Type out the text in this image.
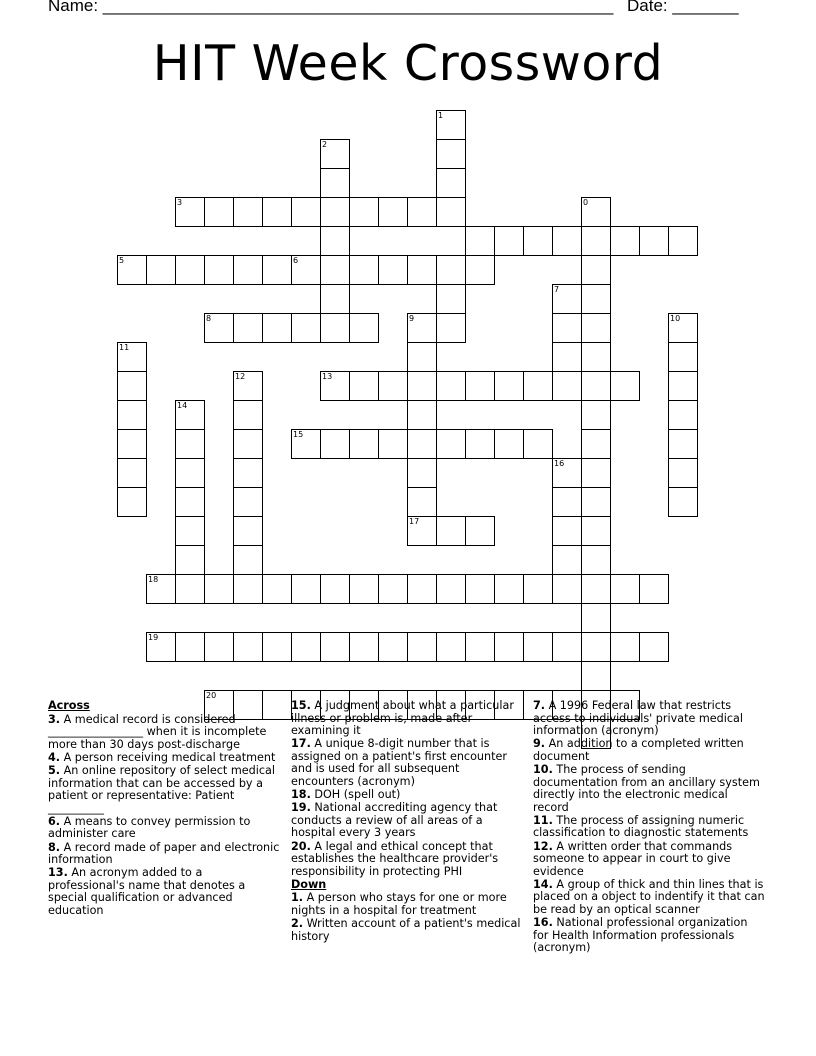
Name: ______________________________________________________ Date: _______
HIT Week Crossword
0
1
2
3
5	6
7
8	9	10
11
12	13
14
15
16
17
18
19
20
Across
3. A medical record is considered _________________ when it is incomplete more than 30 days post-discharge
4. A person receiving medical treatment
5. An online repository of select medical information that can be accessed by a patient or representative: Patient __________
6. A means to convey permission to administer care
8. A record made of paper and electronic information
13. An acronym added to a professional's name that denotes a special qualification or advanced education
15. A judgment about what a particular illness or problem is, made after examining it
17. A unique 8-digit number that is assigned on a patient's first encounter and is used for all subsequent encounters (acronym)
18. DOH (spell out)
19. National accrediting agency that conducts a review of all areas of a hospital every 3 years
20. A legal and ethical concept that establishes the healthcare provider's responsibility in protecting PHI
Down
1. A person who stays for one or more nights in a hospital for treatment
2. Written account of a patient's medical history
7. A 1996 Federal law that restricts access to individuals' private medical information (acronym)
9. An addition to a completed written document
10. The process of sending documentation from an ancillary system directly into the electronic medical record
11. The process of assigning numeric classification to diagnostic statements
12. A written order that commands someone to appear in court to give evidence
14. A group of thick and thin lines that is placed on a object to indentify it that can be read by an optical scanner
16. National professional organization for Health Information professionals (acronym)
